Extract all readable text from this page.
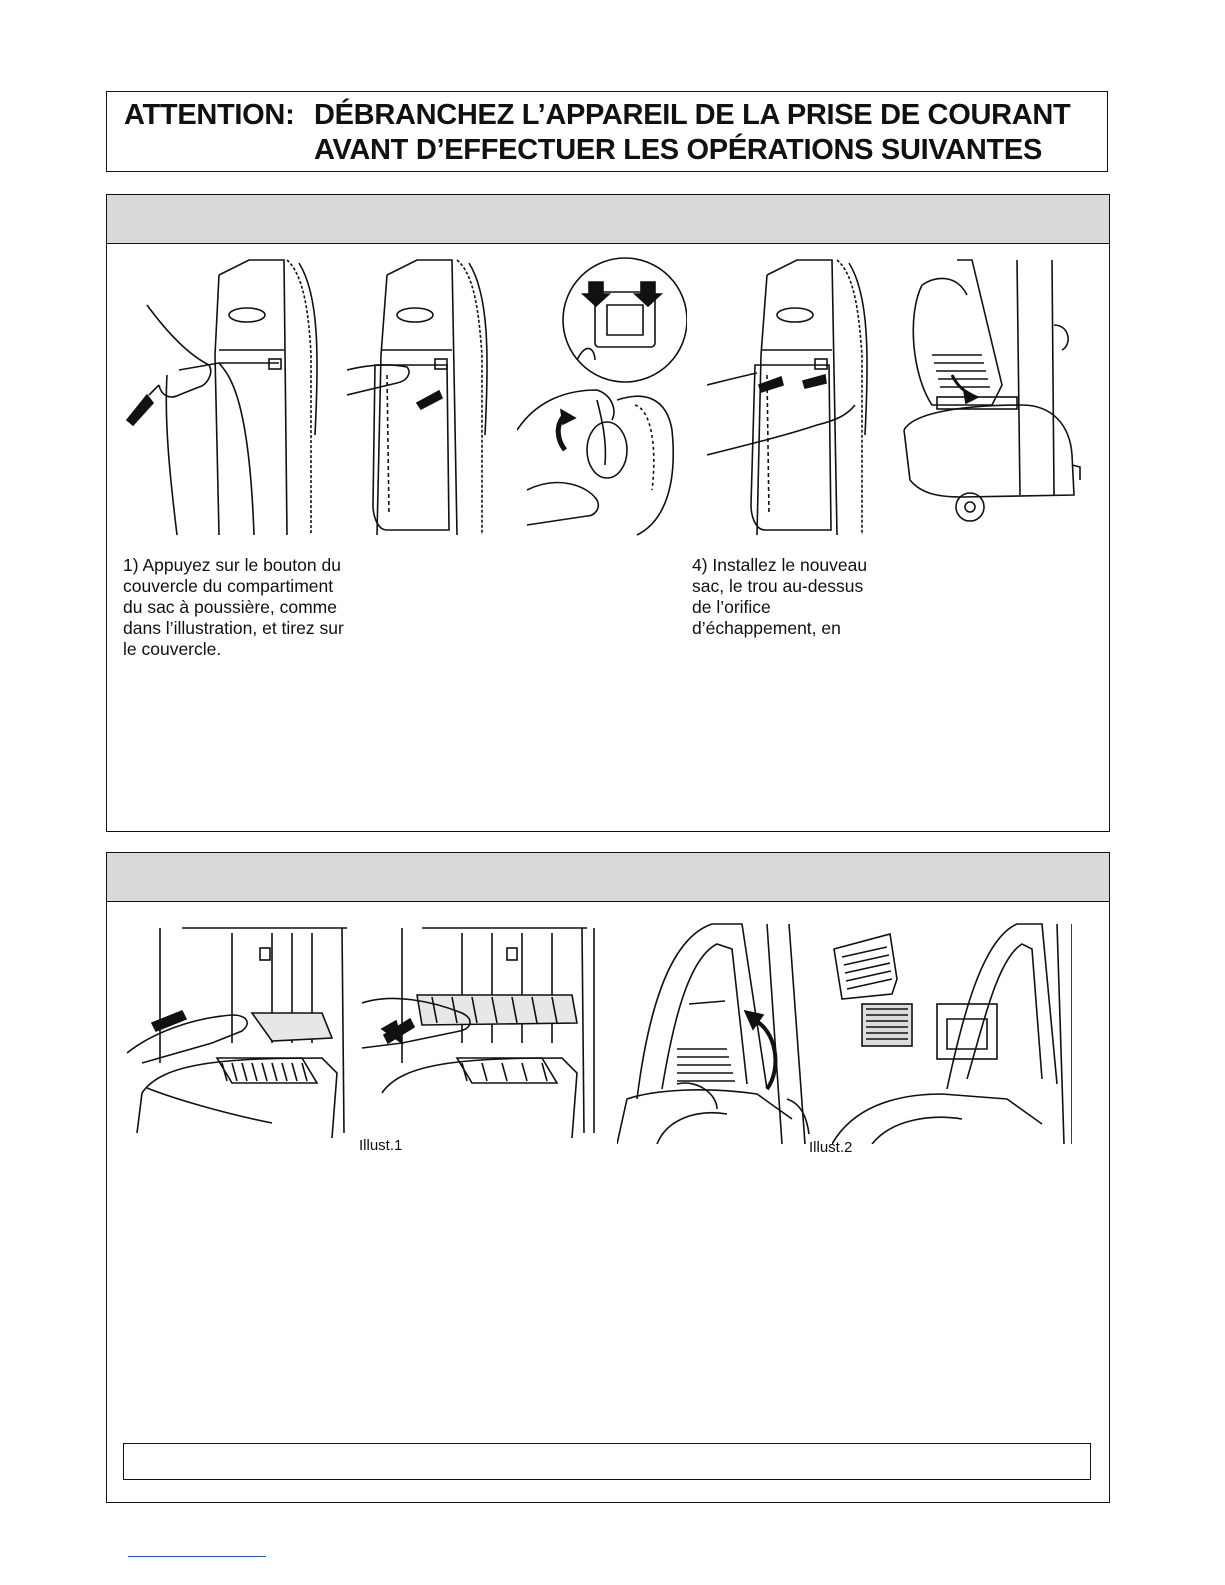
ATTENTION: DÉBRANCHEZ L’APPAREIL DE LA PRISE DE COURANT
AVANT D’EFFECTUER LES OPÉRATIONS SUIVANTES
1) Appuyez sur le bouton du couvercle du compartiment du sac à poussière, comme dans l’illustration, et tirez sur le couvercle.
4) Installez le nouveau sac, le trou au-dessus de l’orifice d’échappement, en
Illust.1	Illust.2
